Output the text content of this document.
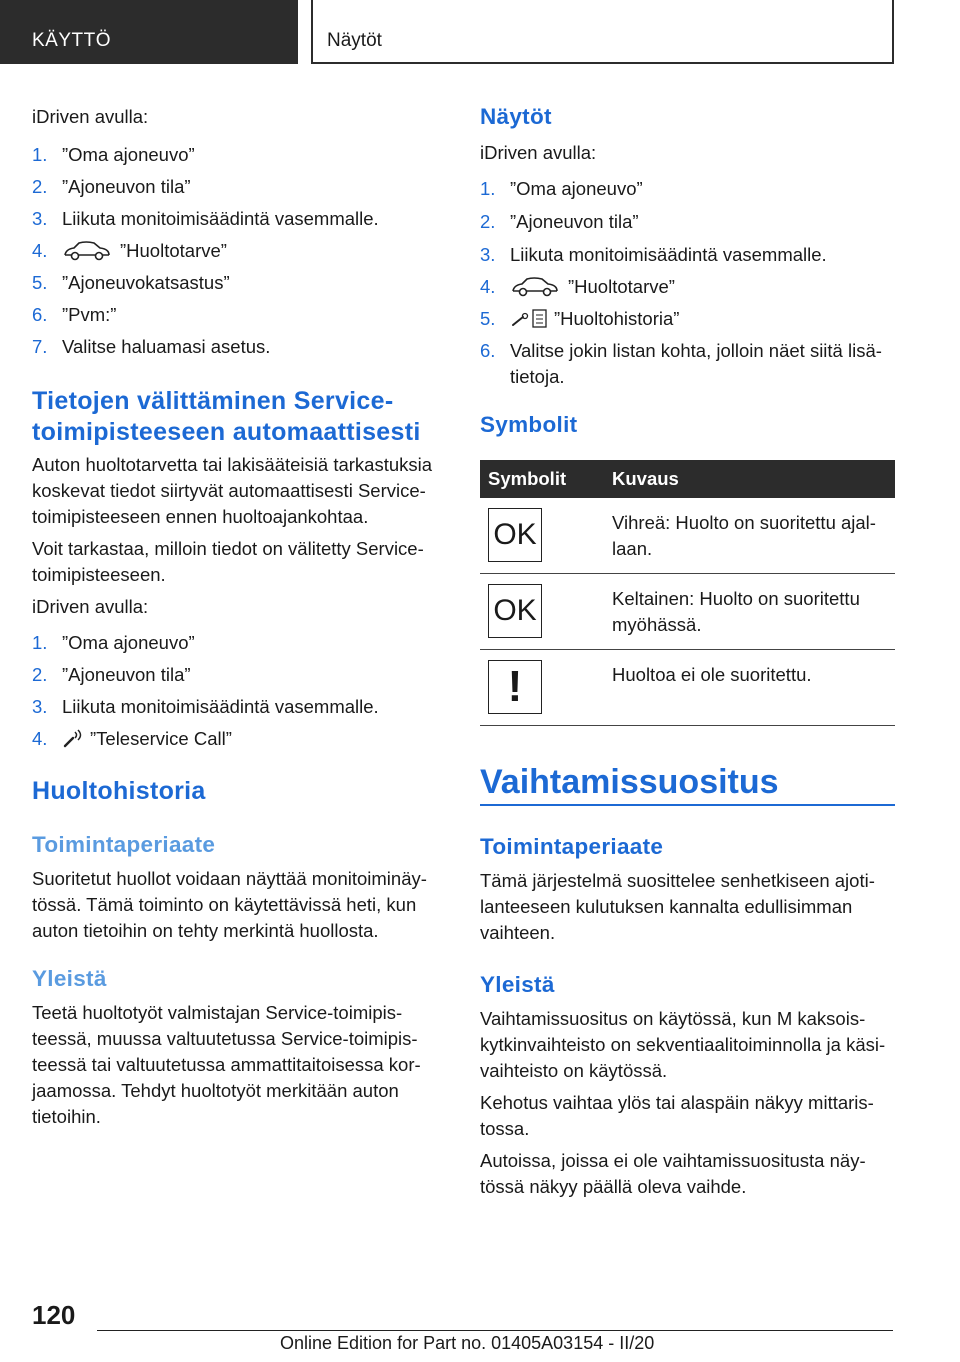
KÄYTTÖ	Näytöt
iDriven avulla:
1. ”Oma ajoneuvo”
2. ”Ajoneuvon tila”
3. Liikuta monitoimisäädintä vasemmalle.
4.	”Huoltotarve”
5. ”Ajoneuvokatsastus”
6. ”Pvm:”
7. Valitse haluamasi asetus.
Tietojen välittäminen Service-
toimipisteeseen automaattisesti
Auton huoltotarvetta tai lakisääteisiä tarkastuksia
koskevat tiedot siirtyvät automaattisesti Service-
toimipisteeseen ennen huoltoajankohtaa.
Voit tarkastaa, milloin tiedot on välitetty Service-
toimipisteeseen.
iDriven avulla:
1. ”Oma ajoneuvo”
2. ”Ajoneuvon tila”
3. Liikuta monitoimisäädintä vasemmalle.
4. ”Teleservice Call”
Huoltohistoria
Toimintaperiaate
Suoritetut huollot voidaan näyttää monitoiminäy-
tössä. Tämä toiminto on käytettävissä heti, kun
auton tietoihin on tehty merkintä huollosta.
Yleistä
Teetä huoltotyöt valmistajan Service-toimipis-
teessä, muussa valtuutetussa Service-toimipis-
teessä tai valtuutetussa ammattitaitoisessa kor-
jaamossa. Tehdyt huoltotyöt merkitään auton
tietoihin.
Näytöt
iDriven avulla:
1. ”Oma ajoneuvo”
2. ”Ajoneuvon tila”
3. Liikuta monitoimisäädintä vasemmalle.
4.	”Huoltotarve”
5.	”Huoltohistoria”
6. Valitse jokin listan kohta, jolloin näet siitä lisä-
tietoja.
Symbolit
Symbolit	Kuvaus

OK	Vihreä: Huolto on suoritettu ajal-
laan.

OK	Keltainen: Huolto on suoritettu
myöhässä.

!	Huoltoa ei ole suoritettu.
Vaihtamissuositus
Toimintaperiaate
Tämä järjestelmä suosittelee senhetkiseen ajoti-
lanteeseen kulutuksen kannalta edullisimman
vaihteen.
Yleistä
Vaihtamissuositus on käytössä, kun M kaksois-
kytkinvaihteisto on sekventiaalitoiminnolla ja käsi-
vaihteisto on käytössä.
Kehotus vaihtaa ylös tai alaspäin näkyy mittaris-
tossa.
Autoissa, joissa ei ole vaihtamissuositusta näy-
tössä näkyy päällä oleva vaihde.
120
Online Edition for Part no. 01405A03154 - II/20
